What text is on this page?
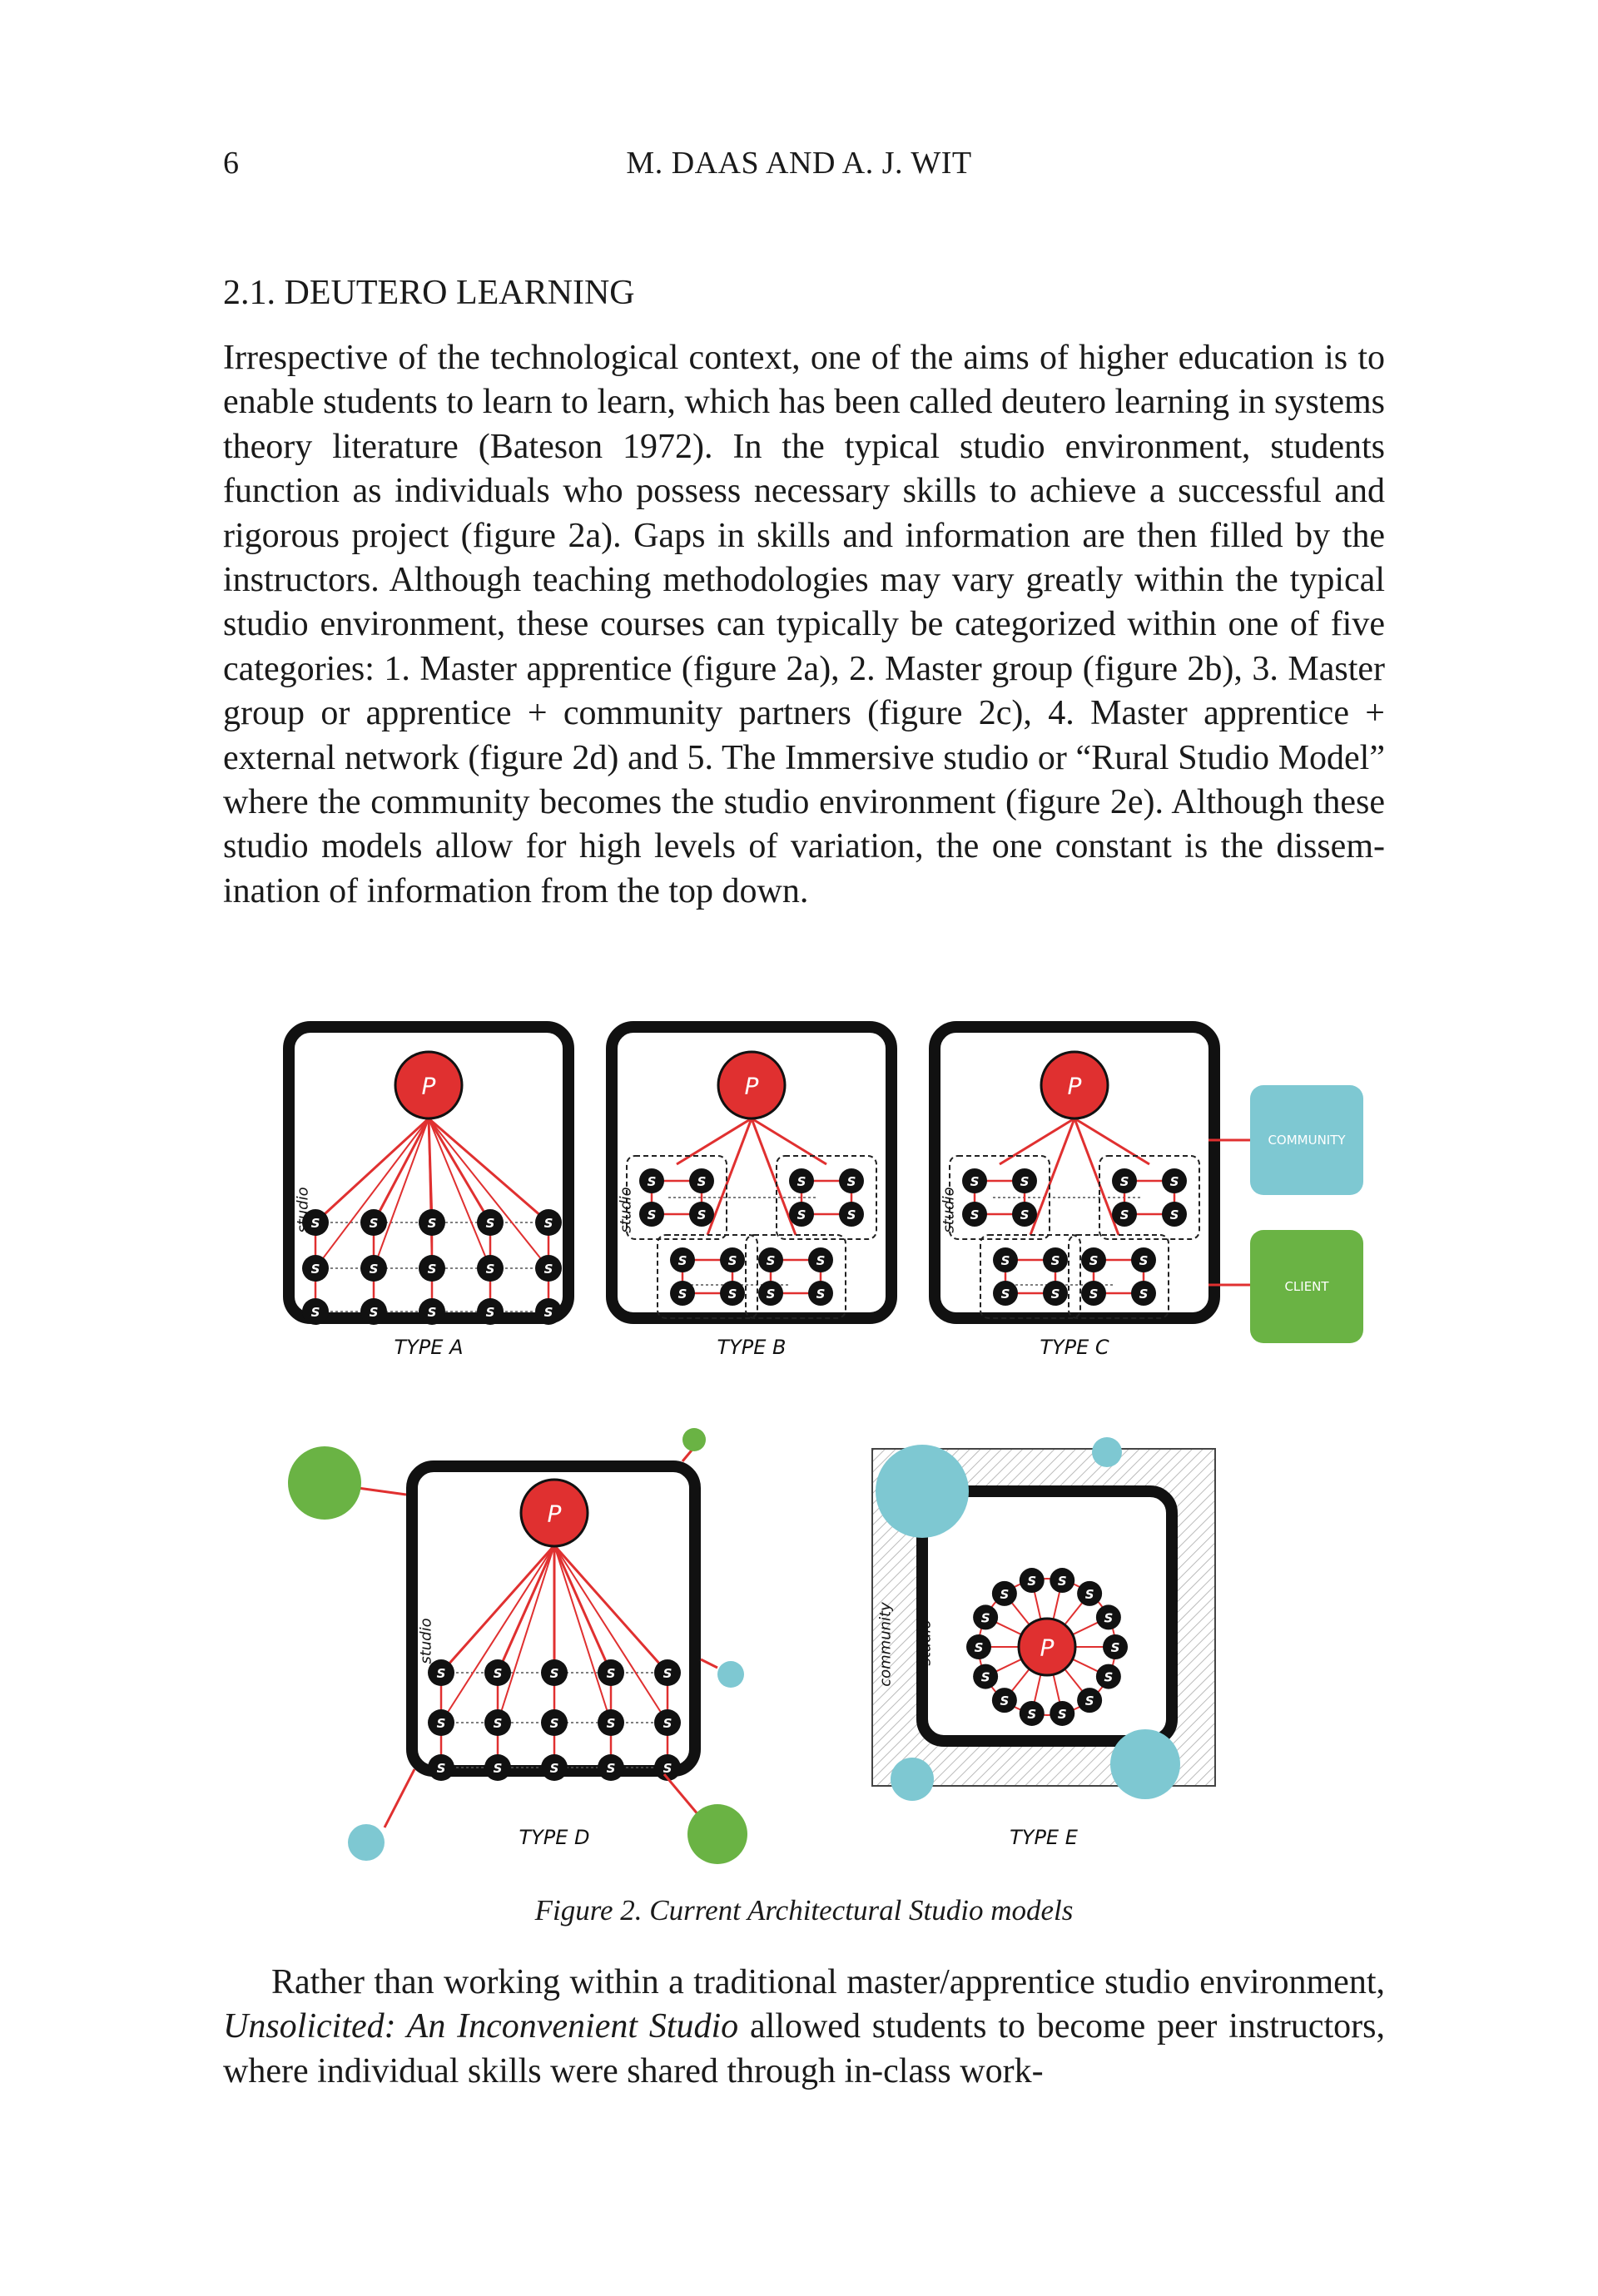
6	M. DAAS AND A. J. WIT
2.1. DEUTERO LEARNING

Irrespective of the technological context, one of the aims of higher education is to enable students to learn to learn, which has been called deutero learning in systems theory literature (Bateson 1972). In the typical studio environment, students function as individuals who possess necessary skills to achieve a successful and rigorous project (figure 2a). Gaps in skills and information are then filled by the instructors. Although teaching methodologies may vary greatly within the typical studio environment, these courses can typically be categorized within one of five categories: 1. Master apprentice (figure 2a), 2. Master group (figure 2b), 3. Master group or apprentice + community partners (figure 2c), 4. Master apprentice + external network (figure 2d) and 5. The Immersive studio or “Rural Studio Model” where the community becomes the studio environment (figure 2e). Although these studio models allow for high levels of variation, the one constant is the dissemination of information from the top down.

P
S
S
S
S
S
S
S
S
S
S
S
S
S
S
S
studio
TYPE A
P
S	S
S	S
S	S
S	S
S	S
S	S
S	S
S	S
studio
TYPE B
P
S	S
S	S
S	S
S	S
S	S
S	S
S	S
S	S
studio
TYPE C
COMMUNITY
CLIENT
P
S
S
S
S
S
S
S
S
S
S
S
S
S
S
S
studio
TYPE D
P	S
S
S
S
S
S
S
S
S
S
S S
S
S
studio
community
TYPE E
Figure 2. Current Architectural Studio models

Rather than working within a traditional master/apprentice studio environment, Unsolicited: An Inconvenient Studio allowed students to become peer instructors, where individual skills were shared through in-class work-
